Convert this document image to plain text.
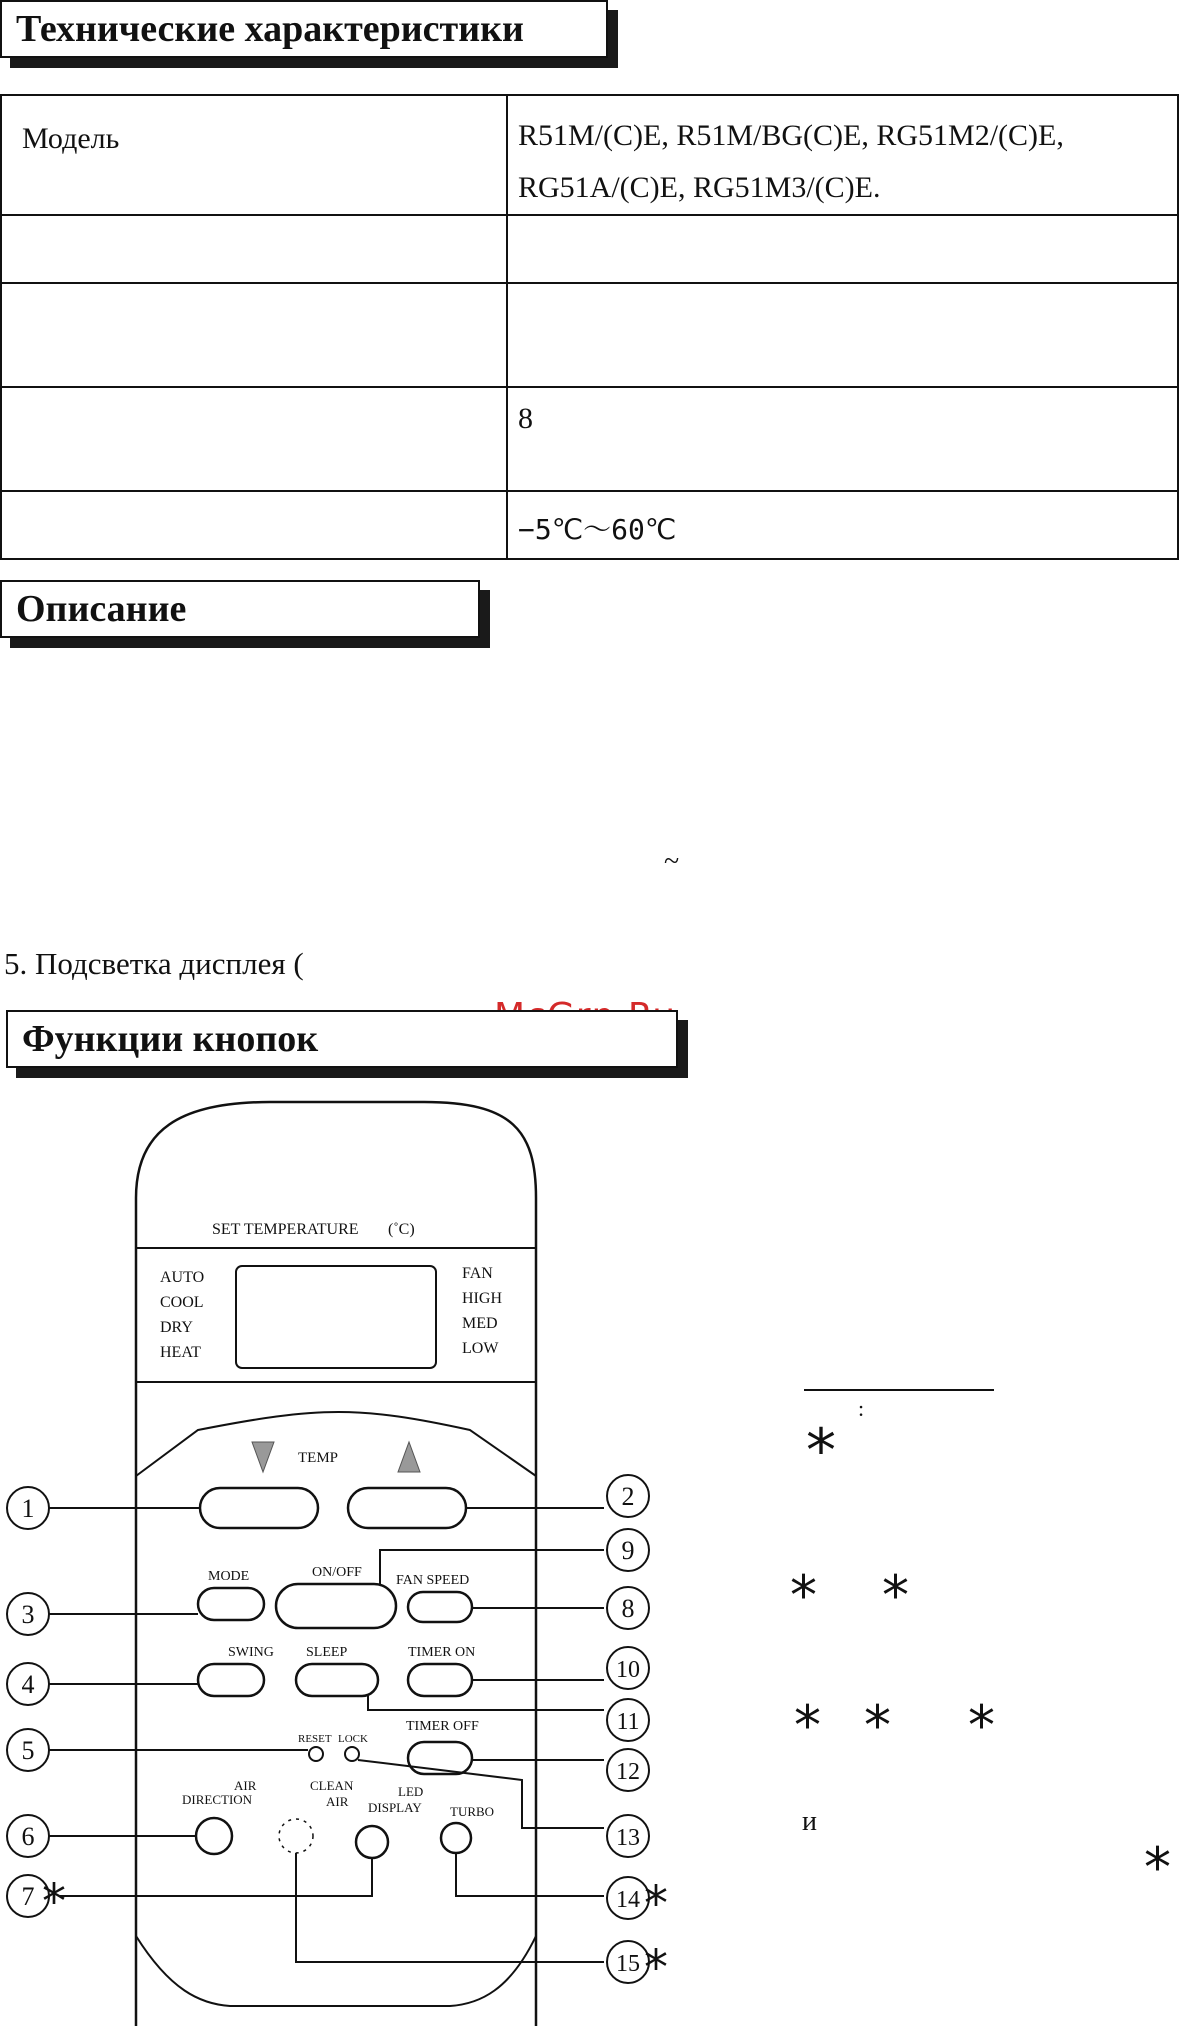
Технические характеристики
Модель	R51M/(C)E, R51M/BG(C)E, RG51M2/(C)E,
RG51A/(C)E, RG51M3/(C)E.

	8

	−5℃～60℃
Описание
~
5. Подсветка дисплея (
Функции кнопок
SET TEMPERATURE (˚C)
AUTO
COOL
DRY
HEAT
FAN
HIGH
MED
LOW
TEMP
MODE	ON/OFF
FAN SPEED
SWING SLEEP	TIMER ON
RESET LOCK
TIMER OFF
AIR
DIRECTION
CLEAN
AIR
LED
DISPLAY TURBO
1	2
3
4
5
6
7
8
9
10
11
12
13
14
15
*	*
*
:
*
* *
* * *
и
*
